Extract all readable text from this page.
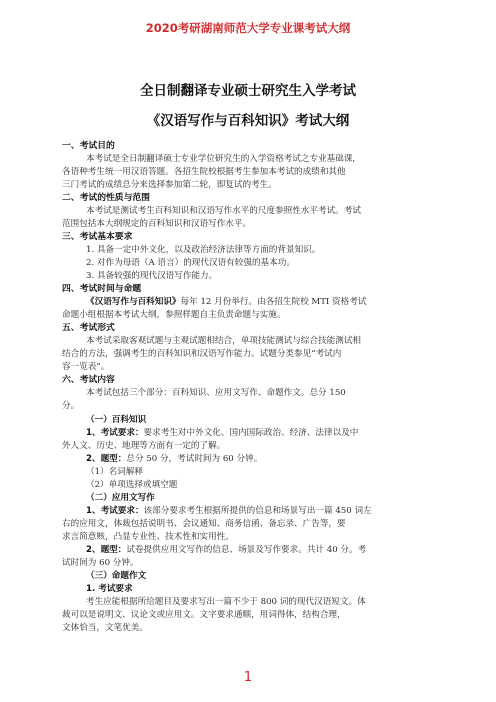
2020考研湖南师范大学专业课考试大纲
全日制翻译专业硕士研究生入学考试
《汉语写作与百科知识》考试大纲
一、考试目的
本考试是全日制翻译硕士专业学位研究生的入学资格考试之专业基础课,
各语种考生统一用汉语答题。各招生院校根据考生参加本考试的成绩和其他
三门考试的成绩总分来选择参加第二轮，即复试的考生。
二、考试的性质与范围
本考试是测试考生百科知识和汉语写作水平的尺度参照性水平考试。考试
范围包括本大纲规定的百科知识和汉语写作水平。
三、考试基本要求
1. 具备一定中外文化，以及政治经济法律等方面的背景知识。
2. 对作为母语（A 语言）的现代汉语有较强的基本功。
3. 具备较强的现代汉语写作能力。
四、考试时间与命题
《汉语写作与百科知识》每年 12 月份举行。由各招生院校 MTI 资格考试
命题小组根据本考试大纲，参照样题自主负责命题与实施。
五、考试形式
本考试采取客观试题与主观试题相结合，单项技能测试与综合技能测试相
结合的方法，强调考生的百科知识和汉语写作能力。试题分类参见“考试内
容一览表”。
六、考试内容
本考试包括三个部分：百科知识、应用文写作、命题作文。总分 150
分。
（一）百科知识
1、考试要求：要求考生对中外文化、国内国际政治、经济、法律以及中
外人文、历史、地理等方面有一定的了解。
2、题型：总分 50 分，考试时间为 60 分钟。
（1）名词解释
（2）单项选择或填空题
（二）应用文写作
1、考试要求：该部分要求考生根据所提供的信息和场景写出一篇 450 词左
右的应用文，体裁包括说明书、会议通知、商务信函、备忘录、广告等，要
求言简意赅，凸显专业性、技术性和实用性。
2、题型：试卷提供应用文写作的信息、场景及写作要求。共计 40 分。考
试时间为 60 分钟。
（三）命题作文
1. 考试要求
考生应能根据所给题目及要求写出一篇不少于 800 词的现代汉语短文。体
裁可以是说明文、议论文或应用文。文字要求通顺，用词得体，结构合理，
文体恰当，文笔优美。
1
